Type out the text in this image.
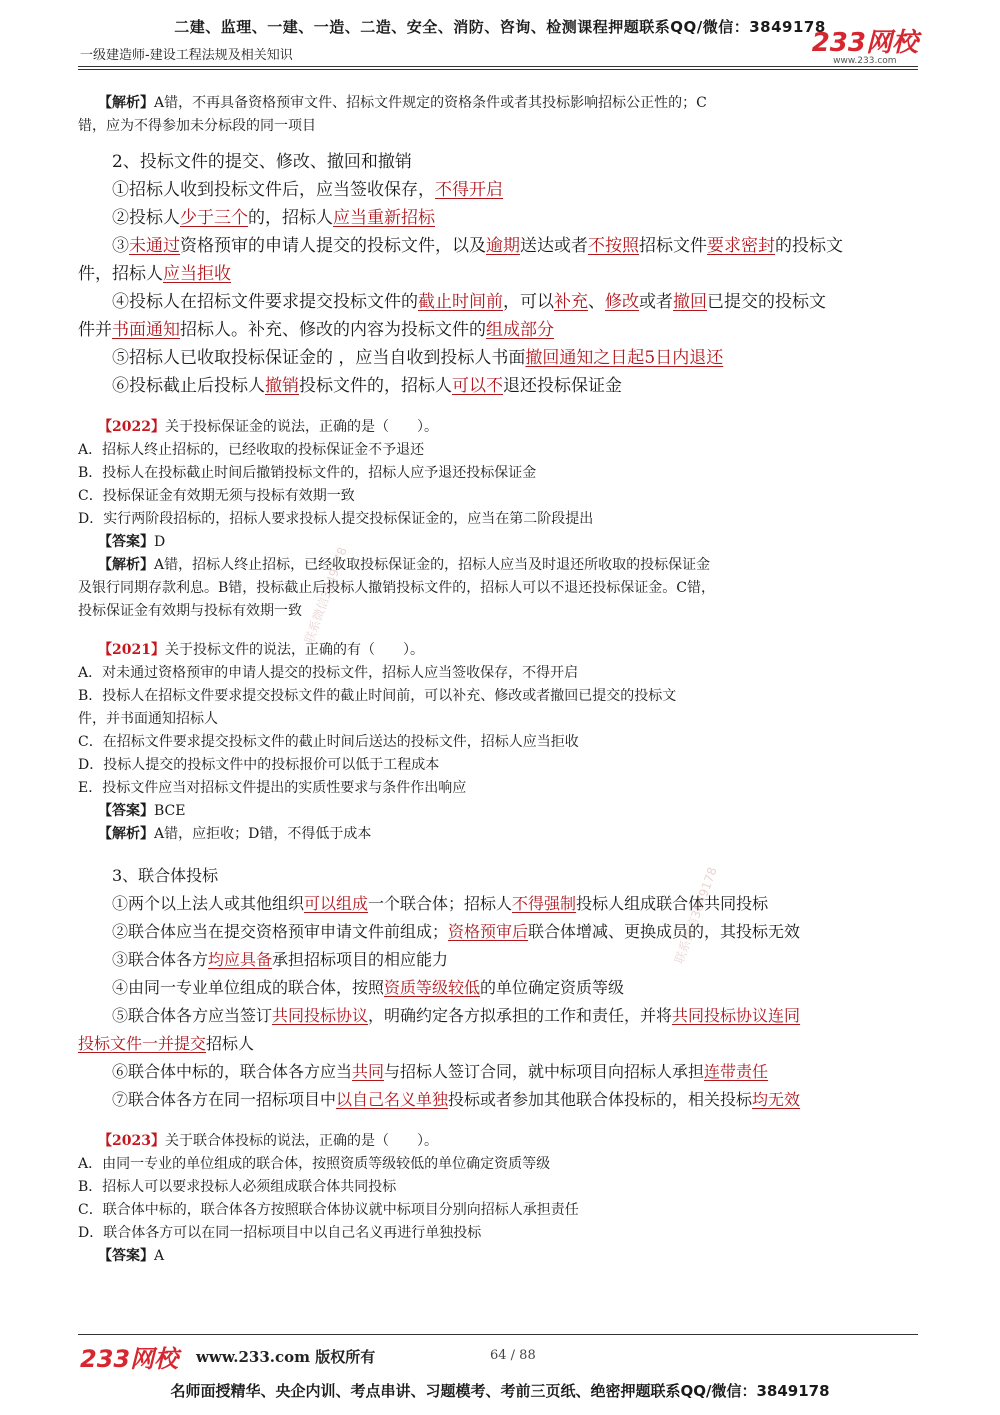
二建、监理、一建、一造、二造、安全、消防、咨询、检测课程押题联系QQ/微信：3849178
一级建造师-建设工程法规及相关知识	233网校
www.233.com
联系微信3849178
联系微信3849178

【解析】A错，不再具备资格预审文件、招标文件规定的资格条件或者其投标影响招标公正性的；C

错，应为不得参加未分标段的同一项目

2、投标文件的提交、修改、撤回和撤销

①招标人收到投标文件后，应当签收保存，不得开启

②投标人少于三个的，招标人应当重新招标

③未通过资格预审的申请人提交的投标文件，以及逾期送达或者不按照招标文件要求密封的投标文

件，招标人应当拒收

④投标人在招标文件要求提交投标文件的截止时间前，可以补充、修改或者撤回已提交的投标文

件并书面通知招标人。补充、修改的内容为投标文件的组成部分

⑤招标人已收取投标保证金的 ，应当自收到投标人书面撤回通知之日起5日内退还

⑥投标截止后投标人撤销投标文件的，招标人可以不退还投标保证金

【2022】关于投标保证金的说法，正确的是（　　）。

A．招标人终止招标的，已经收取的投标保证金不予退还

B．投标人在投标截止时间后撤销投标文件的，招标人应予退还投标保证金

C．投标保证金有效期无须与投标有效期一致

D．实行两阶段招标的，招标人要求投标人提交投标保证金的，应当在第二阶段提出

【答案】D

【解析】A错，招标人终止招标，已经收取投标保证金的，招标人应当及时退还所收取的投标保证金

及银行同期存款利息。B错，投标截止后投标人撤销投标文件的，招标人可以不退还投标保证金。C错，

投标保证金有效期与投标有效期一致

【2021】关于投标文件的说法，正确的有（　　）。

A．对未通过资格预审的申请人提交的投标文件，招标人应当签收保存，不得开启

B．投标人在招标文件要求提交投标文件的截止时间前，可以补充、修改或者撤回已提交的投标文

件，并书面通知招标人

C．在招标文件要求提交投标文件的截止时间后送达的投标文件，招标人应当拒收

D．投标人提交的投标文件中的投标报价可以低于工程成本

E．投标文件应当对招标文件提出的实质性要求与条件作出响应

【答案】BCE

【解析】A错，应拒收；D错，不得低于成本

3、联合体投标

①两个以上法人或其他组织可以组成一个联合体；招标人不得强制投标人组成联合体共同投标

②联合体应当在提交资格预审申请文件前组成；资格预审后联合体增减、更换成员的，其投标无效

③联合体各方均应具备承担招标项目的相应能力

④由同一专业单位组成的联合体，按照资质等级较低的单位确定资质等级

⑤联合体各方应当签订共同投标协议，明确约定各方拟承担的工作和责任，并将共同投标协议连同

投标文件一并提交招标人

⑥联合体中标的，联合体各方应当共同与招标人签订合同，就中标项目向招标人承担连带责任

⑦联合体各方在同一招标项目中以自己名义单独投标或者参加其他联合体投标的，相关投标均无效

【2023】关于联合体投标的说法，正确的是（　　）。

A．由同一专业的单位组成的联合体，按照资质等级较低的单位确定资质等级

B．招标人可以要求投标人必须组成联合体共同投标

C．联合体中标的，联合体各方按照联合体协议就中标项目分别向招标人承担责任

D．联合体各方可以在同一招标项目中以自己名义再进行单独投标

【答案】A

233网校 www.233.com 版权所有	64 / 88
名师面授精华、央企内训、考点串讲、习题模考、考前三页纸、绝密押题联系QQ/微信：3849178
